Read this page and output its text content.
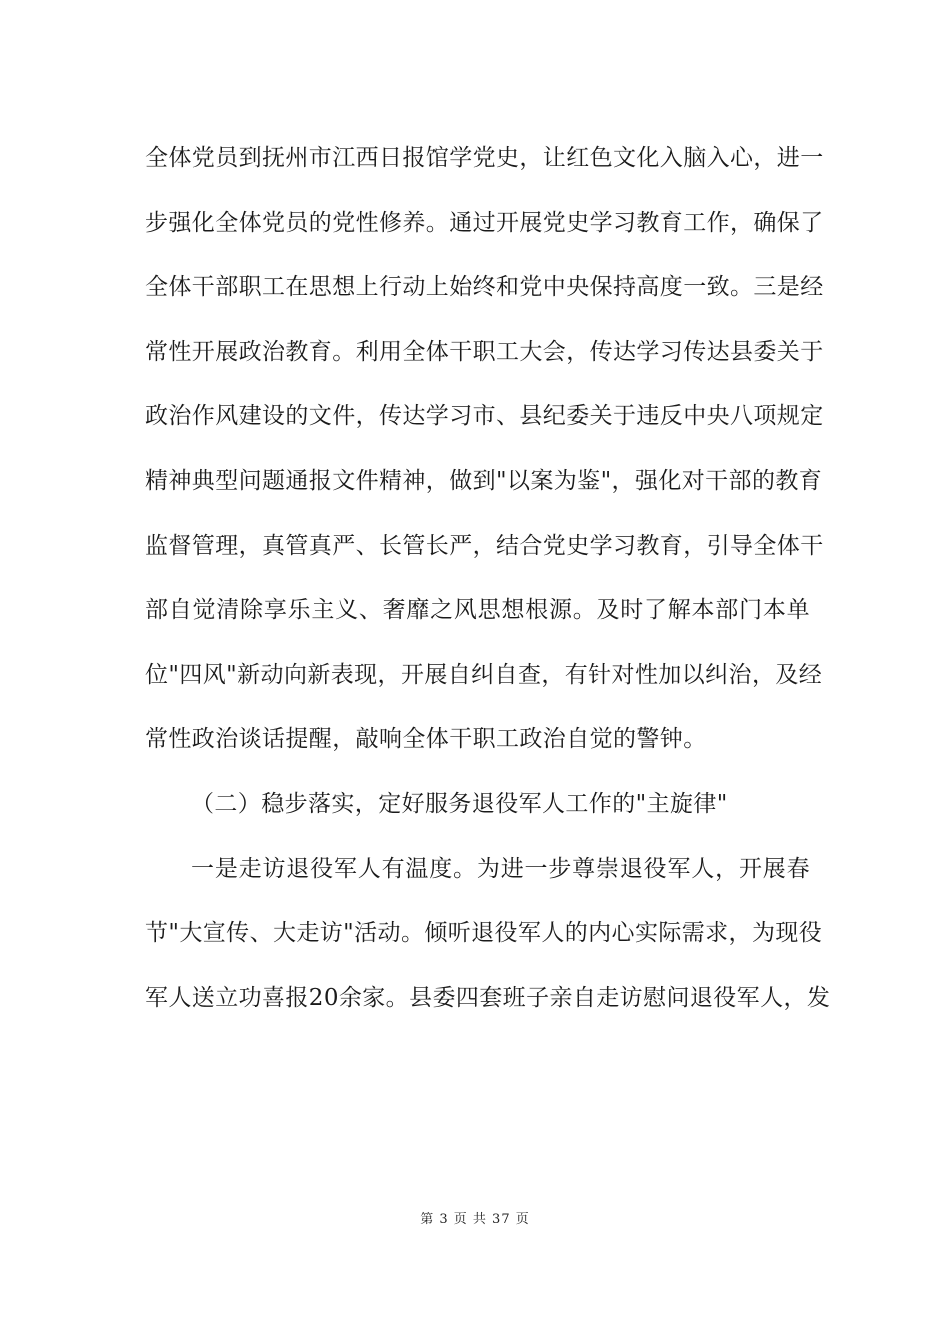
全体党员到抚州市江西日报馆学党史，让红色文化入脑入心，进一
步强化全体党员的党性修养。通过开展党史学习教育工作，确保了
全体干部职工在思想上行动上始终和党中央保持高度一致。三是经
常性开展政治教育。利用全体干职工大会，传达学习传达县委关于
政治作风建设的文件，传达学习市、县纪委关于违反中央八项规定
精神典型问题通报文件精神，做到"以案为鉴"，强化对干部的教育
监督管理，真管真严、长管长严，结合党史学习教育，引导全体干
部自觉清除享乐主义、奢靡之风思想根源。及时了解本部门本单
位"四风"新动向新表现，开展自纠自查，有针对性加以纠治，及经
常性政治谈话提醒，敲响全体干职工政治自觉的警钟。
（二）稳步落实，定好服务退役军人工作的"主旋律"
一是走访退役军人有温度。为进一步尊崇退役军人，开展春
节"大宣传、大走访"活动。倾听退役军人的内心实际需求，为现役
军人送立功喜报20余家。县委四套班子亲自走访慰问退役军人，发
第 3 页 共 37 页
